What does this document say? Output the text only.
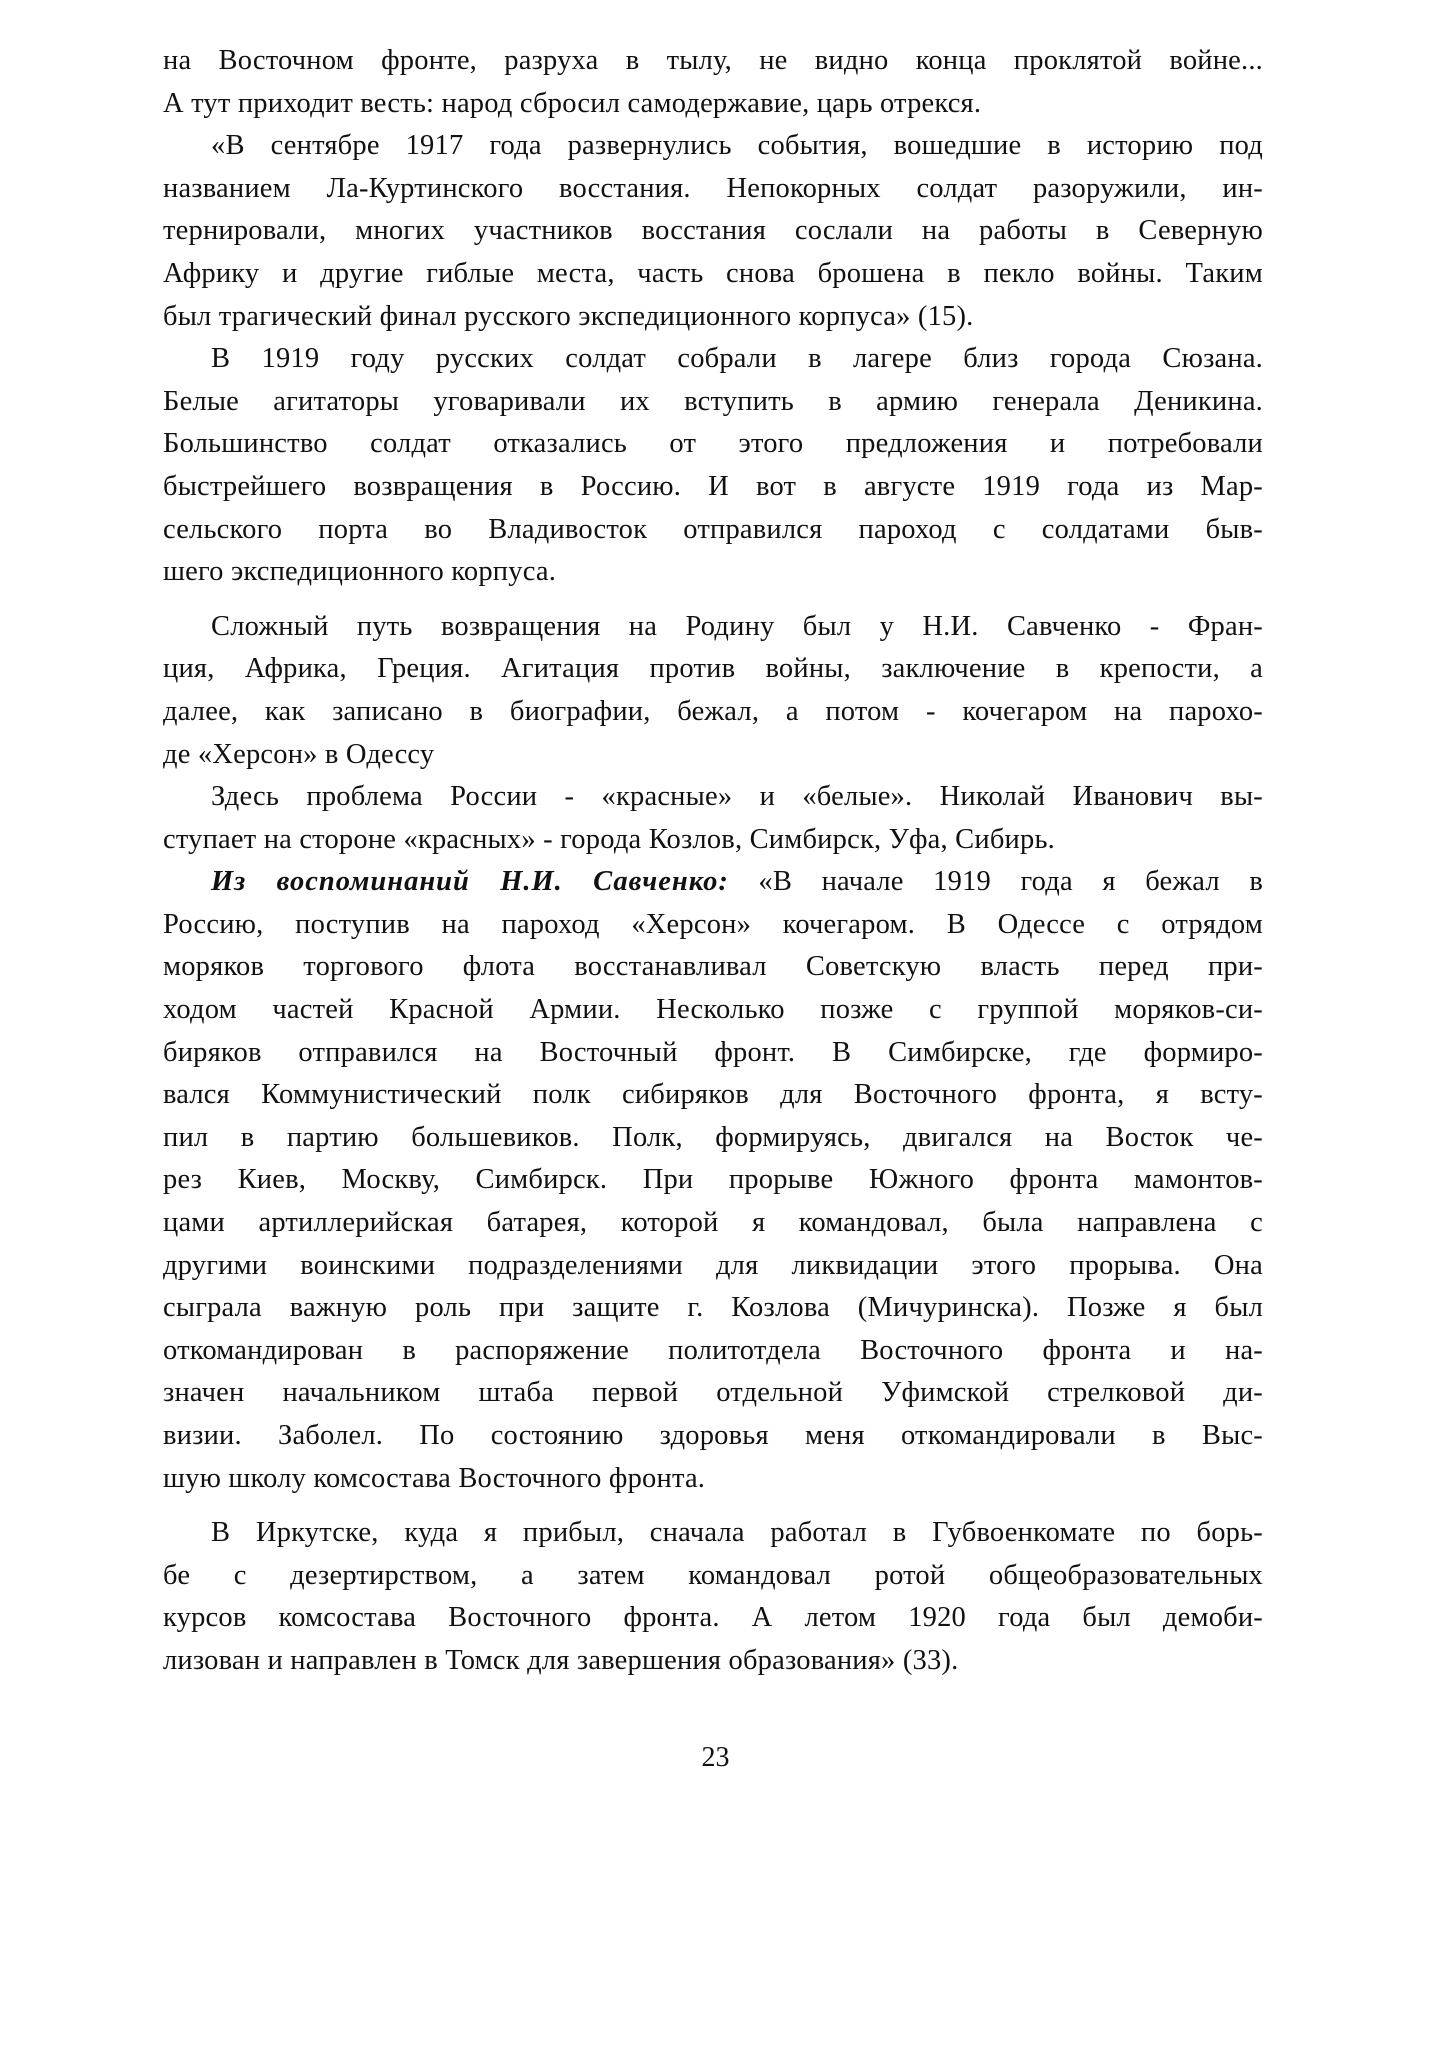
на Восточном фронте, разруха в тылу, не видно конца проклятой войне...
А тут приходит весть: народ сбросил самодержавие, царь отрекся.
«В сентябре 1917 года развернулись события, вошедшие в историю под
названием Ла-Куртинского восстания. Непокорных солдат разоружили, ин-
тернировали, многих участников восстания сослали на работы в Северную
Африку и другие гиблые места, часть снова брошена в пекло войны. Таким
был трагический финал русского экспедиционного корпуса» (15).
В 1919 году русских солдат собрали в лагере близ города Сюзана.
Белые агитаторы уговаривали их вступить в армию генерала Деникина.
Большинство солдат отказались от этого предложения и потребовали
быстрейшего возвращения в Россию. И вот в августе 1919 года из Мар-
сельского порта во Владивосток отправился пароход с солдатами быв-
шего экспедиционного корпуса.
Сложный путь возвращения на Родину был у Н.И. Савченко - Фран-
ция, Африка, Греция. Агитация против войны, заключение в крепости, а
далее, как записано в биографии, бежал, а потом - кочегаром на парохо-
де «Херсон» в Одессу
Здесь проблема России - «красные» и «белые». Николай Иванович вы-
ступает на стороне «красных» - города Козлов, Симбирск, Уфа, Сибирь.
Из воспоминаний Н.И. Савченко: «В начале 1919 года я бежал в
Россию, поступив на пароход «Херсон» кочегаром. В Одессе с отрядом
моряков торгового флота восстанавливал Советскую власть перед при-
ходом частей Красной Армии. Несколько позже с группой моряков-си-
биряков отправился на Восточный фронт. В Симбирске, где формиро-
вался Коммунистический полк сибиряков для Восточного фронта, я всту-
пил в партию большевиков. Полк, формируясь, двигался на Восток че-
рез Киев, Москву, Симбирск. При прорыве Южного фронта мамонтов-
цами артиллерийская батарея, которой я командовал, была направлена с
другими воинскими подразделениями для ликвидации этого прорыва. Она
сыграла важную роль при защите г. Козлова (Мичуринска). Позже я был
откомандирован в распоряжение политотдела Восточного фронта и на-
значен начальником штаба первой отдельной Уфимской стрелковой ди-
визии. Заболел. По состоянию здоровья меня откомандировали в Выс-
шую школу комсостава Восточного фронта.
В Иркутске, куда я прибыл, сначала работал в Губвоенкомате по борь-
бе с дезертирством, а затем командовал ротой общеобразовательных
курсов комсостава Восточного фронта. А летом 1920 года был демоби-
лизован и направлен в Томск для завершения образования» (33).
23
